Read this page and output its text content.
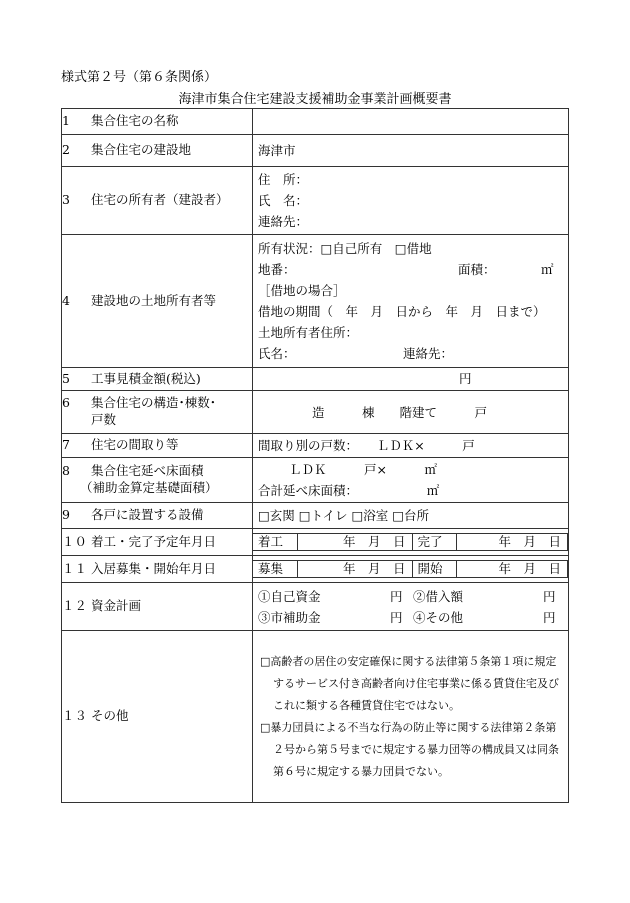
様式第２号（第６条関係）
海津市集合住宅建設支援補助金事業計画概要書
1 集合住宅の名称	
2 集合住宅の建設地	海津市

3 住宅の所有者（建設者）	
住　所：
氏　名：
連絡先：

4 建設地の土地所有者等	
所有状況：□自己所有　□借地
地番：	面積：	㎡
［借地の場合］
借地の期間（　年　月　日から　年　月　日まで）
土地所有者住所：
氏名：	連絡先：

5 工事見積金額(税込)	円

6 集合住宅の構造･棟数･
戸数	造　　　棟　　階建て　　　戸

7 住宅の間取り等	間取り別の戸数：　　ＬＤＫ×　　　戸

8 集合住宅延べ床面積
（補助金算定基礎面積）	
ＬＤＫ　　　戸×　　　㎡
合計延べ床面積：　　　　　　㎡

9 各戸に設置する設備	□玄関 □トイレ □浴室 □台所

１０ 着工・完了予定年月日		着工	年　月　日	完了	年　月　日

１１ 入居募集・開始年月日		募集	年　月　日	開始	年　月　日

１２ 資金計画	
①自己資金	円 ②借入額	円
③市補助金	円 ④その他	円

１３ その他	
□高齢者の居住の安定確保に関する法律第５条第１項に規定するサービス付き高齢者向け住宅事業に係る賃貸住宅及びこれに類する各種賃貸住宅ではない。
□暴力団員による不当な行為の防止等に関する法律第２条第２号から第５号までに規定する暴力団等の構成員又は同条第６号に規定する暴力団員でない。
